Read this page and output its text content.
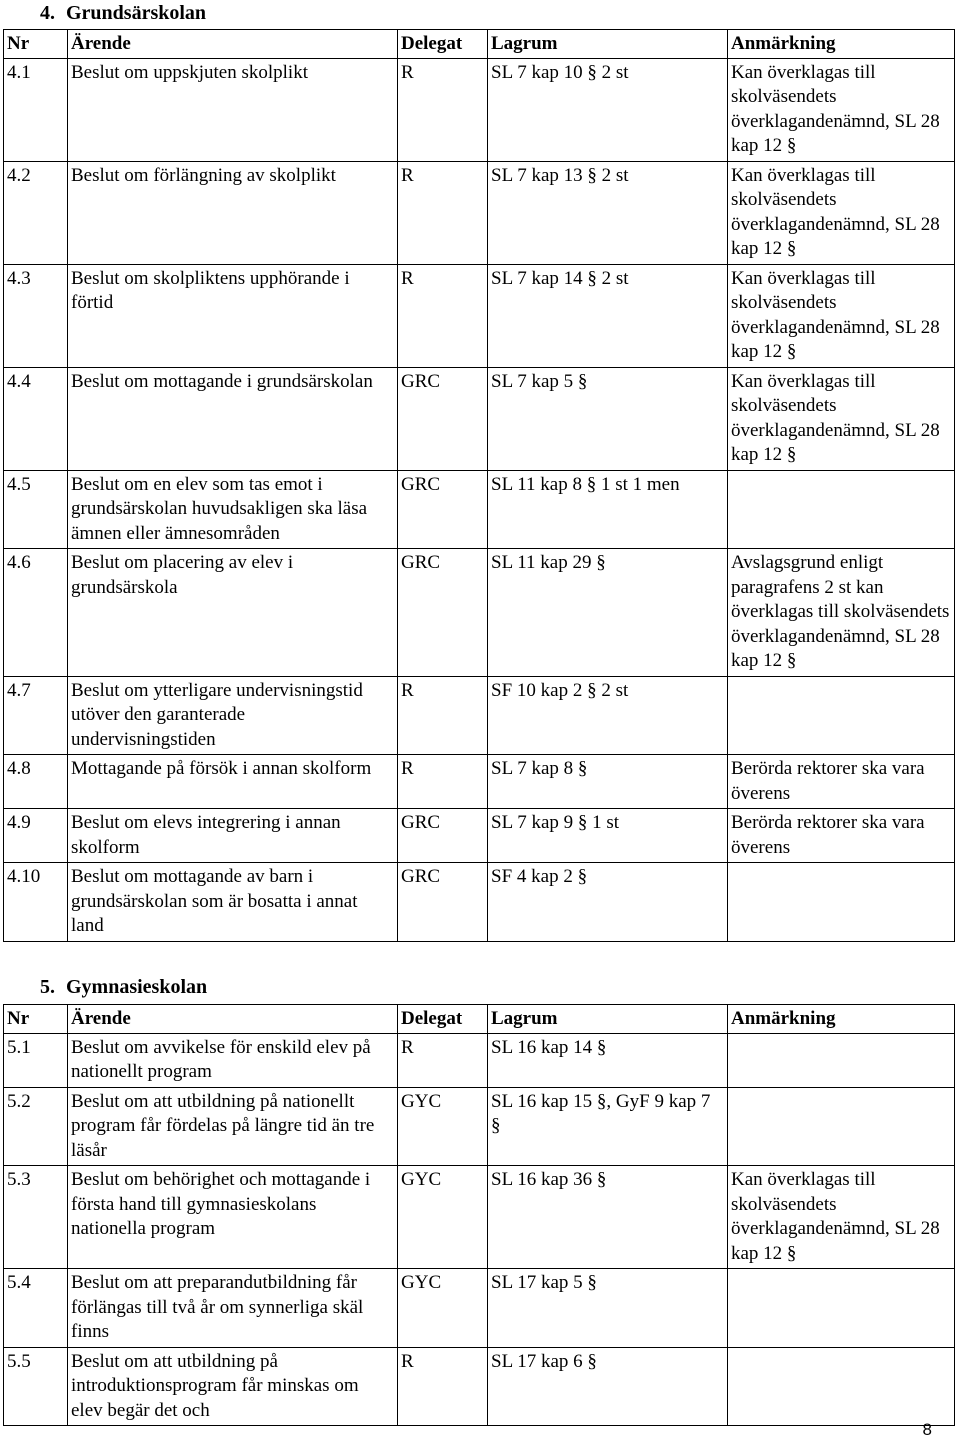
4. Grundsärskolan
Nr	Ärende	Delegat	Lagrum	Anmärkning
4.1	Beslut om uppskjuten skolplikt	R	SL 7 kap 10 § 2 st	Kan överklagas till skolväsendets överklagandenämnd, SL 28 kap 12 §
4.2	Beslut om förlängning av skolplikt	R	SL 7 kap 13 § 2 st	Kan överklagas till skolväsendets överklagandenämnd, SL 28 kap 12 §
4.3	Beslut om skolpliktens upphörande i förtid	R	SL 7 kap 14 § 2 st	Kan överklagas till skolväsendets överklagandenämnd, SL 28 kap 12 §
4.4	Beslut om mottagande i grundsärskolan	GRC	SL 7 kap 5 §	Kan överklagas till skolväsendets överklagandenämnd, SL 28 kap 12 §
4.5	Beslut om en elev som tas emot i grundsärskolan huvudsakligen ska läsa ämnen eller ämnesområden	GRC	SL 11 kap 8 § 1 st 1 men	
4.6	Beslut om placering av elev i grundsärskola	GRC	SL 11 kap 29 §	Avslagsgrund enligt paragrafens 2 st kan överklagas till skolväsendets överklagandenämnd, SL 28 kap 12 §
4.7	Beslut om ytterligare undervisningstid utöver den garanterade undervisningstiden	R	SF 10 kap 2 § 2 st	
4.8	Mottagande på försök i annan skolform	R	SL 7 kap 8 §	Berörda rektorer ska vara överens
4.9	Beslut om elevs integrering i annan skolform	GRC	SL 7 kap 9 § 1 st	Berörda rektorer ska vara överens
4.10	Beslut om mottagande av barn i grundsärskolan som är bosatta i annat land	GRC	SF 4 kap 2 §	
5. Gymnasieskolan
Nr	Ärende	Delegat	Lagrum	Anmärkning
5.1	Beslut om avvikelse för enskild elev på nationellt program	R	SL 16 kap 14 §	
5.2	Beslut om att utbildning på nationellt program får fördelas på längre tid än tre läsår	GYC	SL 16 kap 15 §, GyF 9 kap 7 §	
5.3	Beslut om behörighet och mottagande i första hand till gymnasieskolans nationella program	GYC	SL 16 kap 36 §	Kan överklagas till skolväsendets överklagandenämnd, SL 28 kap 12 §
5.4	Beslut om att preparandutbildning får förlängas till två år om synnerliga skäl finns	GYC	SL 17 kap 5 §	
5.5	Beslut om att utbildning på introduktionsprogram får minskas om elev begär det och	R	SL 17 kap 6 §	
8
